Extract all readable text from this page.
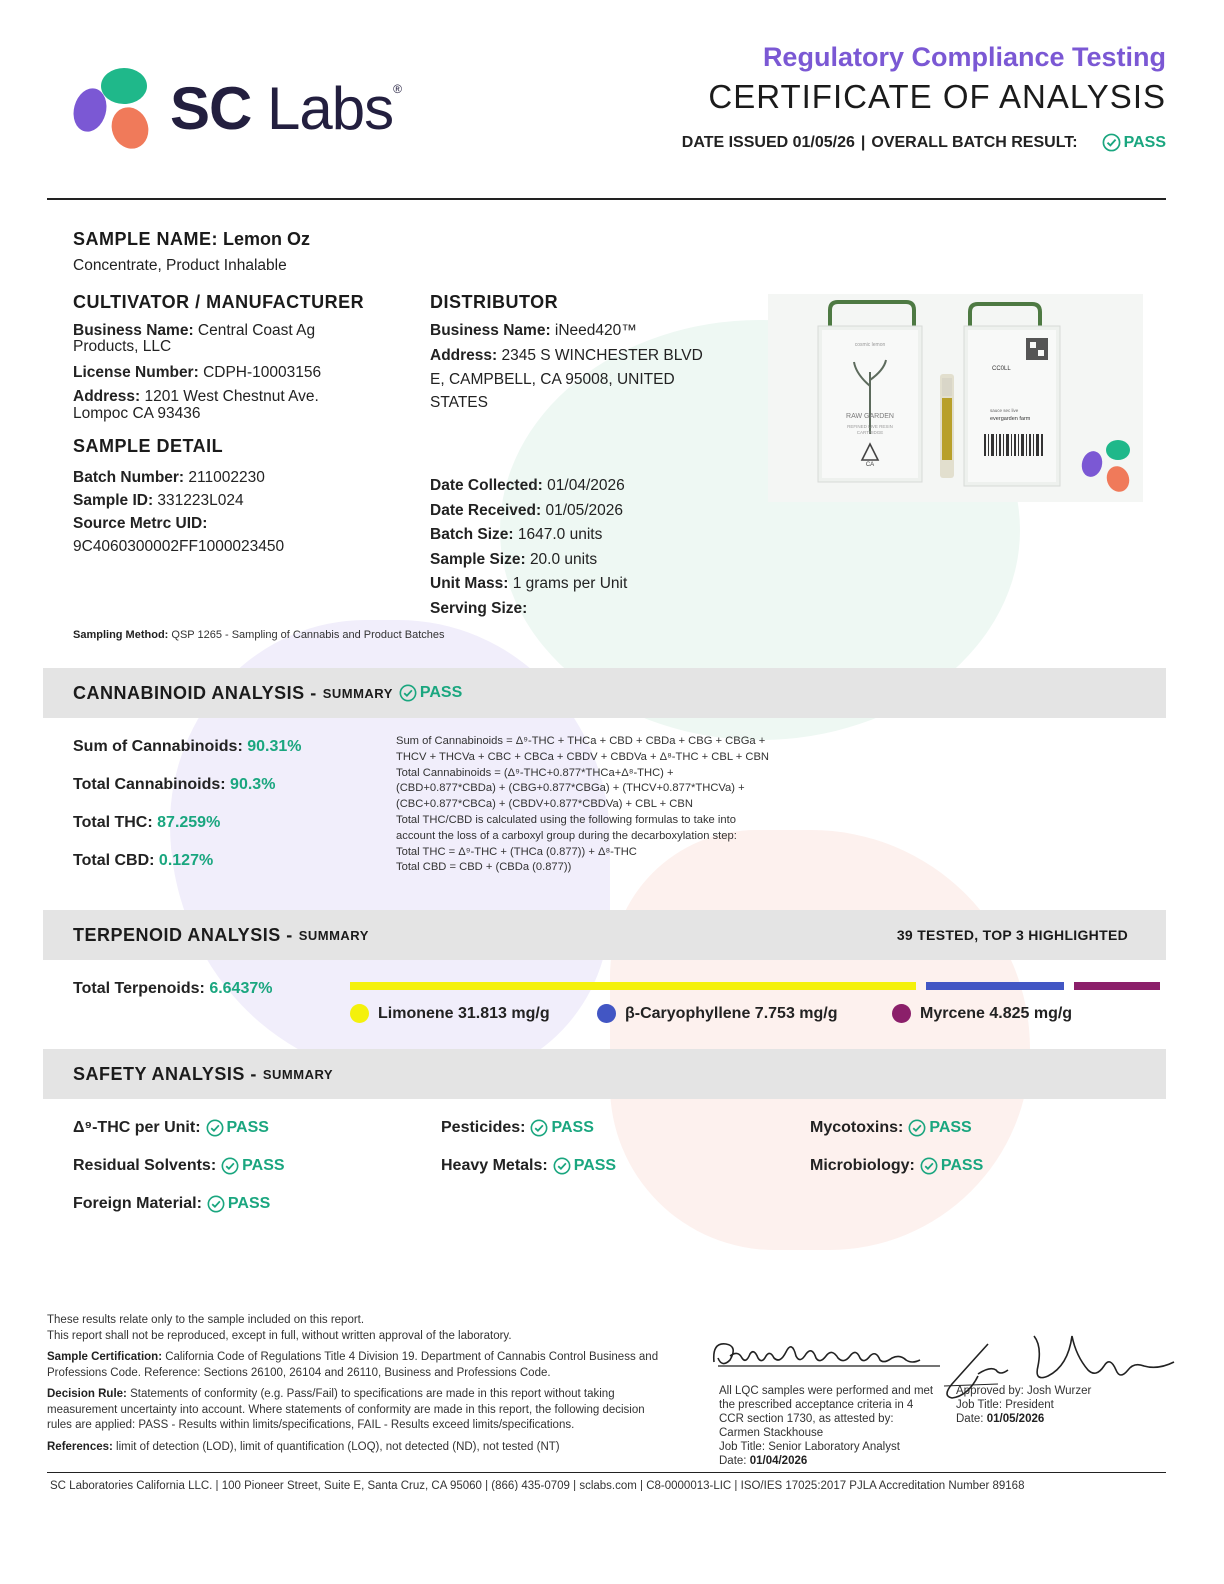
SC Labs®
Regulatory Compliance Testing
CERTIFICATE OF ANALYSIS
DATE ISSUED 01/05/26 | OVERALL BATCH RESULT:	PASS
SAMPLE NAME: Lemon Oz
Concentrate, Product Inhalable
CULTIVATOR / MANUFACTURER
Business Name: Central Coast Ag
Products, LLC
License Number: CDPH-10003156
Address: 1201 West Chestnut Ave.
Lompoc CA 93436
DISTRIBUTOR
Business Name: iNeed420™
Address: 2345 S WINCHESTER BLVD
E, CAMPBELL, CA 95008, UNITED
STATES
RAW GARDEN
REFINED LIVE RESIN
CARTRIDGE
CA
cosmic lemon
CC0LL
sauce sec live
evergarden farm
SAMPLE DETAIL
Batch Number: 211002230
Sample ID: 331223L024
Source Metrc UID:
9C4060300002FF1000023450
Date Collected: 01/04/2026
Date Received: 01/05/2026
Batch Size: 1647.0 units
Sample Size: 20.0 units
Unit Mass: 1 grams per Unit
Serving Size:
Sampling Method: QSP 1265 - Sampling of Cannabis and Product Batches
CANNABINOID ANALYSIS - SUMMARY PASS
Sum of Cannabinoids: 90.31%
Total Cannabinoids: 90.3%
Total THC: 87.259%
Total CBD: 0.127%
Sum of Cannabinoids = Δ⁹-THC + THCa + CBD + CBDa + CBG + CBGa +
THCV + THCVa + CBC + CBCa + CBDV + CBDVa + Δ⁸-THC + CBL + CBN
Total Cannabinoids = (Δ⁹-THC+0.877*THCa+Δ⁸-THC) +
(CBD+0.877*CBDa) + (CBG+0.877*CBGa) + (THCV+0.877*THCVa) +
(CBC+0.877*CBCa) + (CBDV+0.877*CBDVa) + CBL + CBN
Total THC/CBD is calculated using the following formulas to take into
account the loss of a carboxyl group during the decarboxylation step:
Total THC = Δ⁹-THC + (THCa (0.877)) + Δ⁸-THC
Total CBD = CBD + (CBDa (0.877))
TERPENOID ANALYSIS - SUMMARY	39 TESTED, TOP 3 HIGHLIGHTED
Total Terpenoids: 6.6437%
Limonene 31.813 mg/g	β-Caryophyllene 7.753 mg/g	Myrcene 4.825 mg/g
SAFETY ANALYSIS - SUMMARY
Δ⁹-THC per Unit: PASS	Pesticides: PASS	Mycotoxins: PASS
Residual Solvents: PASS	Heavy Metals: PASS	Microbiology: PASS
Foreign Material: PASS
These results relate only to the sample included on this report.
This report shall not be reproduced, except in full, without written approval of the laboratory.
Sample Certification: California Code of Regulations Title 4 Division 19. Department of Cannabis Control Business and Professions Code. Reference: Sections 26100, 26104 and 26110, Business and Professions Code.
Decision Rule: Statements of conformity (e.g. Pass/Fail) to specifications are made in this report without taking measurement uncertainty into account. Where statements of conformity are made in this report, the following decision rules are applied: PASS - Results within limits/specifications, FAIL - Results exceed limits/specifications.
References: limit of detection (LOD), limit of quantification (LOQ), not detected (ND), not tested (NT)
All LQC samples were performed and met the prescribed acceptance criteria in 4 CCR section 1730, as attested by:
Carmen Stackhouse
Job Title: Senior Laboratory Analyst
Date: 01/04/2026
Approved by: Josh Wurzer
Job Title: President
Date: 01/05/2026
SC Laboratories California LLC. | 100 Pioneer Street, Suite E, Santa Cruz, CA 95060 | (866) 435-0709 | sclabs.com | C8-0000013-LIC | ISO/IES 17025:2017 PJLA Accreditation Number 89168
